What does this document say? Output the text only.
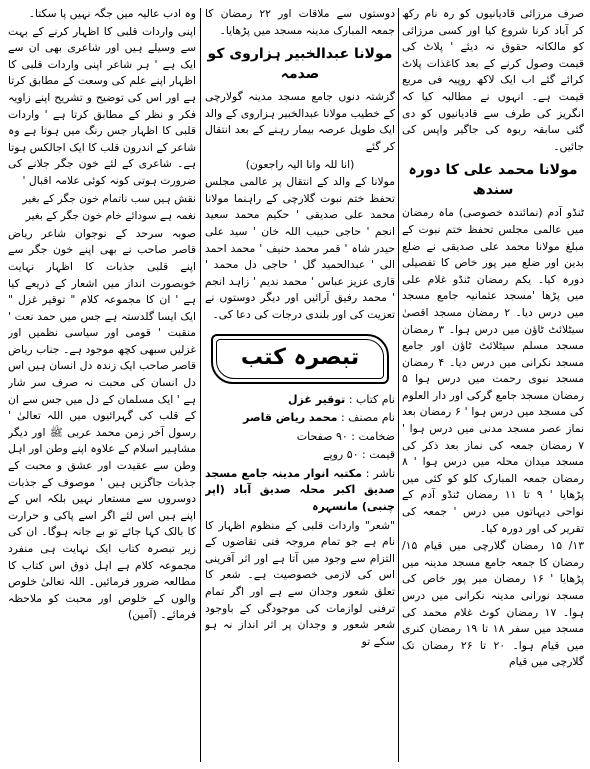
صرف مرزائی قادیانیوں کو رہ نام رکھ کر آباد کرنا شروع کیا اور کسی مرزائی کو مالکانہ حقوق نہ دیئے ' پلاٹ کی قیمت وصول کرنے کے بعد کاغذات پلاٹ کرائے گئے اب ایک لاکھ روپیہ فی مربع قیمت ہے۔ انہوں نے مطالبہ کیا کہ انگریز کی طرف سے قادیانیوں کو دی گئی سابقہ ربوہ کی جاگیر واپس کی جائیں۔

مولانا محمد علی کا دورہ سندھ

ٹنڈو آدم (نمائندہ خصوصی) ماہ رمضان میں عالمی مجلس تحفظ ختم نبوت کے مبلغ مولانا محمد علی صدیقی نے ضلع بدین اور ضلع میر پور خاص کا تفصیلی دورہ کیا۔ یکم رمضان ٹنڈو غلام علی میں پڑھا 'مسجد عثمانیہ جامع مسجد میں درس دیا۔ ۲ رمضان مسجد اقصیٰ سیٹلائٹ ٹاؤن میں درس ہوا۔ ۳ رمضان مسجد مسلم سیٹلائٹ ٹاؤن اور جامع مسجد نکرانی میں درس دیا۔ ۴ رمضان مسجد نبوی رحمت میں درس ہوا ۵ رمضان مسجد جامع گرکی اور دار العلوم کی مسجد میں درس ہوا ' ۶ رمضان بعد نماز عصر مسجد مدنی میں درس ہوا ' ۷ رمضان جمعہ کی نماز بعد ذکر کی مسجد میدان محلہ میں درس ہوا ' ۸ رمضان جمعہ المبارک کلو کو کئی میں پڑھایا ' ۹ تا ۱۱ رمضان ٹنڈو آدم کے نواحی دیہاتوں میں درس ' جمعہ کی تقریر کی اور دورہ کیا۔

۱۳/ ۱۵ رمضان گلارچی میں قیام ۱۵/ رمضان کا جمعہ جامع مسجد مدینہ میں پڑھایا ' ۱۶ رمضان میر پور خاص کی مسجد نورانی مدینہ نکرانی میں درس ہوا۔ ۱۷ رمضان کوٹ غلام محمد کی مسجد میں سفر ۱۸ تا ۱۹ رمضان کنری میں قیام ہوا۔ ۲۰ تا ۲۶ رمضان تک گلارچی میں قیام

دوستوں سے ملاقات اور ۲۲ رمضان کا جمعہ المبارک مدینہ مسجد میں پڑھایا۔

مولانا عبدالخبیر ہزاروی کو صدمہ

گزشتہ دنوں جامع مسجد مدینہ گولارچی کے خطیب مولانا عبدالخبیر ہزاروی کے والد ایک طویل عرصہ بیمار رہنے کے بعد انتقال کر گئے

(انا للہ وانا الیہ راجعون)

مولانا کے والد کے انتقال پر عالمی مجلس تحفظ ختم نبوت گلارچی کے راہنما مولانا محمد علی صدیقی ' حکیم محمد سعید انجم ' حاجی حبیب اللہ خان ' سید علی حیدر شاہ ' قمر محمد حنیف ' محمد احمد الی ' عبدالحمید گل ' حاجی دل محمد ' قاری عزیز عباس ' محمد ندیم ' زاہد انجم ' محمد رفیق آرائیں اور دیگر دوستوں نے تعزیت کی اور بلندی درجات کی دعا کی۔

تبصرہ کتب
نام کتاب : توقیر غزل
نام مصنف : محمد ریاض قاصر
ضخامت : ۹۰ صفحات
قیمت : ۵۰ روپے
ناشر : مکتبہ انوار مدینہ جامع مسجد صدیق اکبر محلہ صدیق آباد (اپر چنبی) مانسہرہ

"شعر" واردات قلبی کے منظوم اظہار کا نام ہے جو تمام مروجہ فنی تقاضوں کے التزام سے وجود میں آتا ہے اور اثر آفرینی اس کی لازمی خصوصیت ہے۔ شعر کا تعلق شعور وجدان سے ہے اور اگر تمام ترفنی لوازمات کی موجودگی کے باوجود شعر شعور و وجدان پر اثر انداز نہ ہو سکے تو

وہ ادب عالیہ میں جگہ نہیں پا سکتا۔

اپنی واردات قلبی کا اظہار کرنے کے بہت سے وسیلے ہیں اور شاعری بھی ان سے ایک ہے ' ہر شاعر اپنی واردات قلبی کا اظہار اپنے علم کی وسعت کے مطابق کرتا ہے اور اس کی توضیح و تشریح اپنے زاویہ فکر و نظر کے مطابق کرتا ہے ' واردات قلبی کا اظہار جس رنگ میں ہوتا ہے وہ شاعر کے اندرون قلب کا ایک اجالکس ہوتا ہے۔ شاعری کے لئے خون جگر جلانے کی ضرورت ہوتی کونہ کوئی علامہ اقبال ' ‏

نقش ہیں سب ناتمام خون جگر کے بغیر

نغمہ ہے سودائے خام خون جگر کے بغیر

صوبہ سرحد کے نوجوان شاعر ریاض قاصر صاحب نے بھی اپنے خون جگر سے اپنے قلبی جذبات کا اظہار نہایت خوبصورت انداز میں اشعار کے ذریعے کیا ہے ' ان کا مجموعہ کلام " توقیر غزل " ایک ایسا گلدستہ ہے جس میں حمد نعت ' منقبت ' قومی اور سیاسی نظمیں اور غزلیں سبھی کچھ موجود ہے۔ جناب ریاض قاصر صاحب ایک زندہ دل انسان ہیں اس دل انسان کی محبت نہ صرف سر شار ہے ' ایک مسلمان کے دل میں جس سے ان کے قلب کی گہرائیوں میں اللہ تعالیٰ ' رسول آخر زمن محمد عربی ﷺ اور دیگر مشاہیر اسلام کے علاوہ اپنے وطن اور اہل وطن سے عقیدت اور عشق و محبت کے جذبات جاگزیں ہیں ' موصوف کے جذبات دوسروں سے مستعار نہیں بلکہ اس کے اپنے ہیں اس لئے اگر اسے پاکی و حرارت کا بالک کہا جائے تو بے جانہ ہوگا۔ ان کی زیر تبصرہ کتاب ایک نہایت ہی منفرد مجموعہ کلام ہے اہل ذوق اس کتاب کا مطالعہ ضرور فرمائیں۔ اللہ تعالیٰ خلوص والوں کے خلوص اور محبت کو ملاحظہ فرمائے۔ (آمین)
